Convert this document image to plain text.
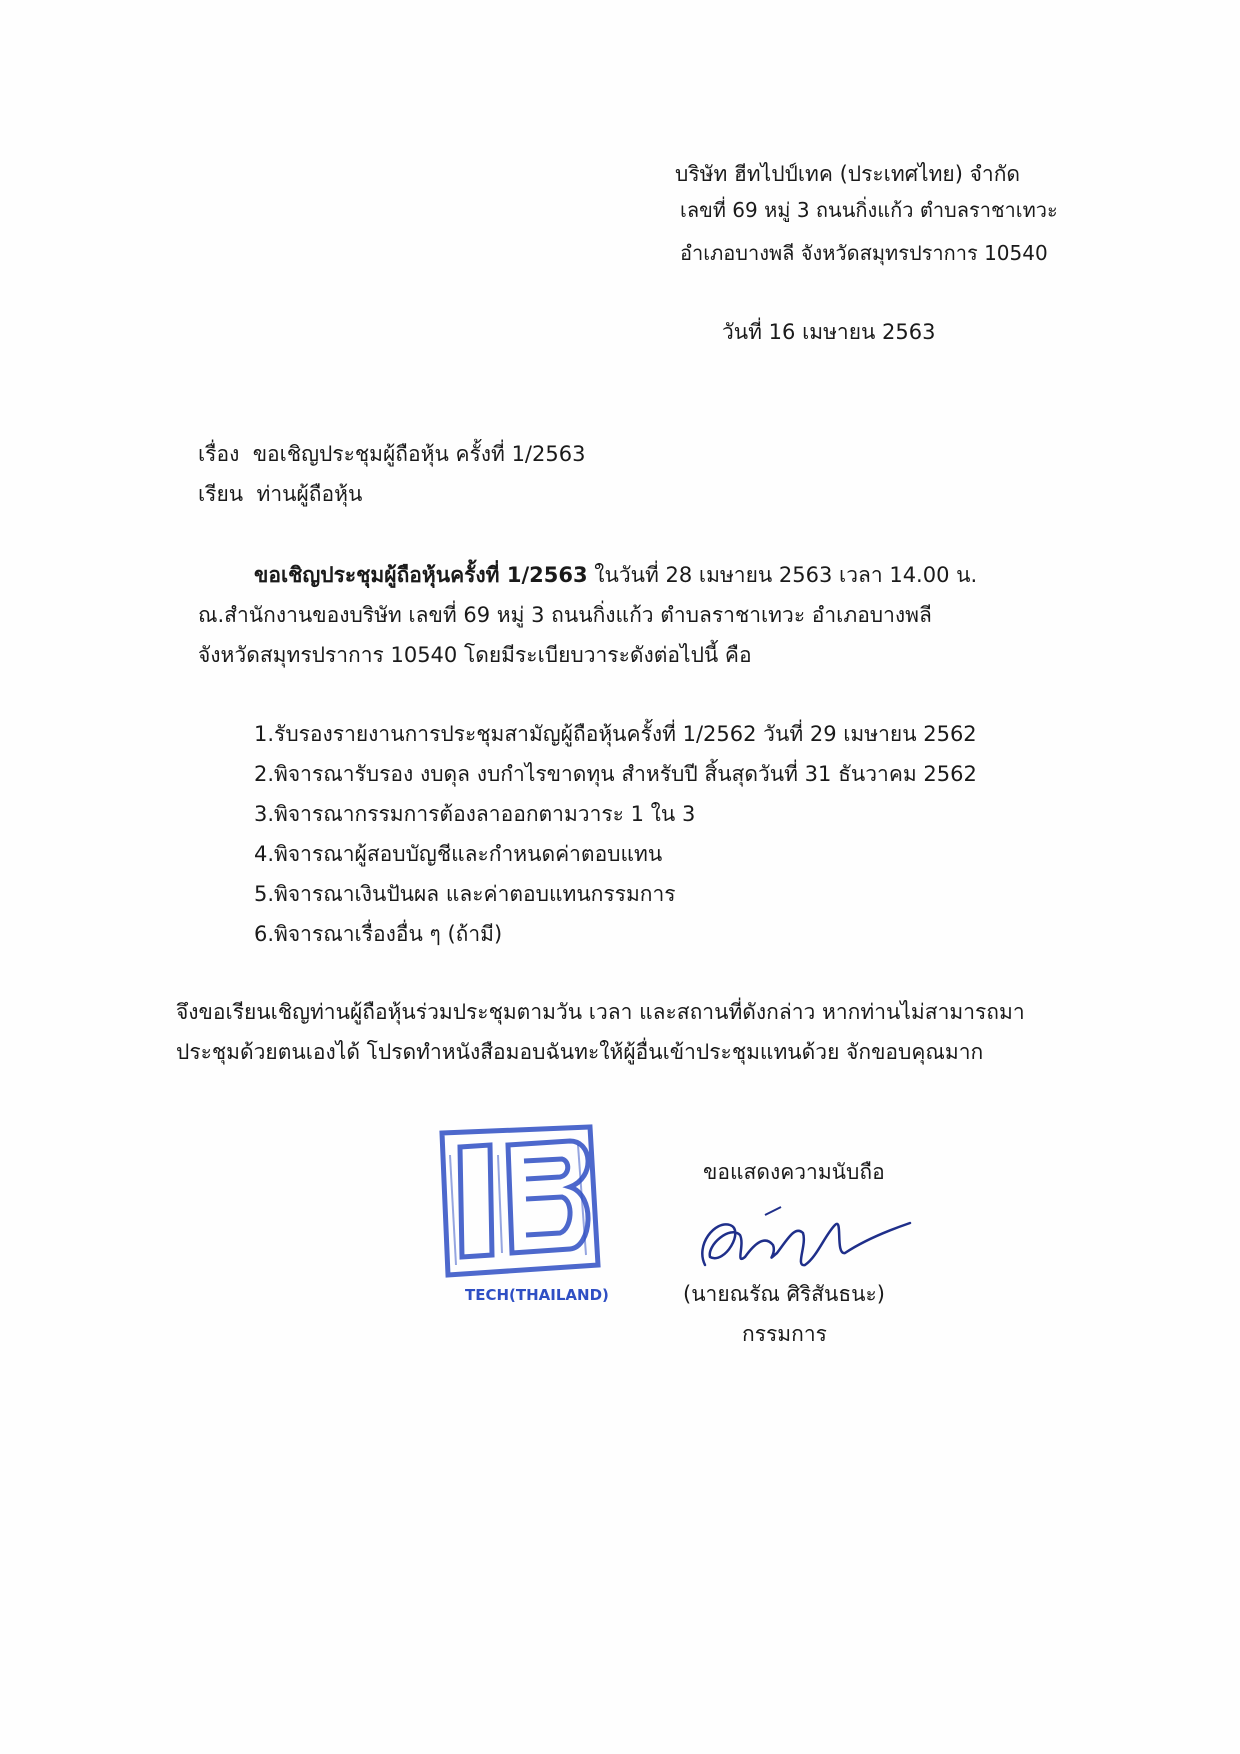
บริษัท ฮีทไปป์เทค (ประเทศไทย) จำกัด
เลขที่ 69 หมู่ 3 ถนนกิ่งแก้ว ตำบลราชาเทวะ
อำเภอบางพลี จังหวัดสมุทรปราการ 10540
วันที่ 16 เมษายน 2563
เรื่อง ขอเชิญประชุมผู้ถือหุ้น ครั้งที่ 1/2563
เรียน ท่านผู้ถือหุ้น
ขอเชิญประชุมผู้ถือหุ้นครั้งที่ 1/2563 ในวันที่ 28 เมษายน 2563 เวลา 14.00 น.
ณ.สำนักงานของบริษัท เลขที่ 69 หมู่ 3 ถนนกิ่งแก้ว ตำบลราชาเทวะ อำเภอบางพลี
จังหวัดสมุทรปราการ 10540 โดยมีระเบียบวาระดังต่อไปนี้ คือ
1.รับรองรายงานการประชุมสามัญผู้ถือหุ้นครั้งที่ 1/2562 วันที่ 29 เมษายน 2562
2.พิจารณารับรอง งบดุล งบกำไรขาดทุน สำหรับปี สิ้นสุดวันที่ 31 ธันวาคม 2562
3.พิจารณากรรมการต้องลาออกตามวาระ 1 ใน 3
4.พิจารณาผู้สอบบัญชีและกำหนดค่าตอบแทน
5.พิจารณาเงินปันผล และค่าตอบแทนกรรมการ
6.พิจารณาเรื่องอื่น ๆ (ถ้ามี)
จึงขอเรียนเชิญท่านผู้ถือหุ้นร่วมประชุมตามวัน เวลา และสถานที่ดังกล่าว หากท่านไม่สามารถมา
ประชุมด้วยตนเองได้ โปรดทำหนังสือมอบฉันทะให้ผู้อื่นเข้าประชุมแทนด้วย จักขอบคุณมาก
TECH(THAILAND)
ขอแสดงความนับถือ
(นายณรัณ ศิริสันธนะ)
กรรมการ
